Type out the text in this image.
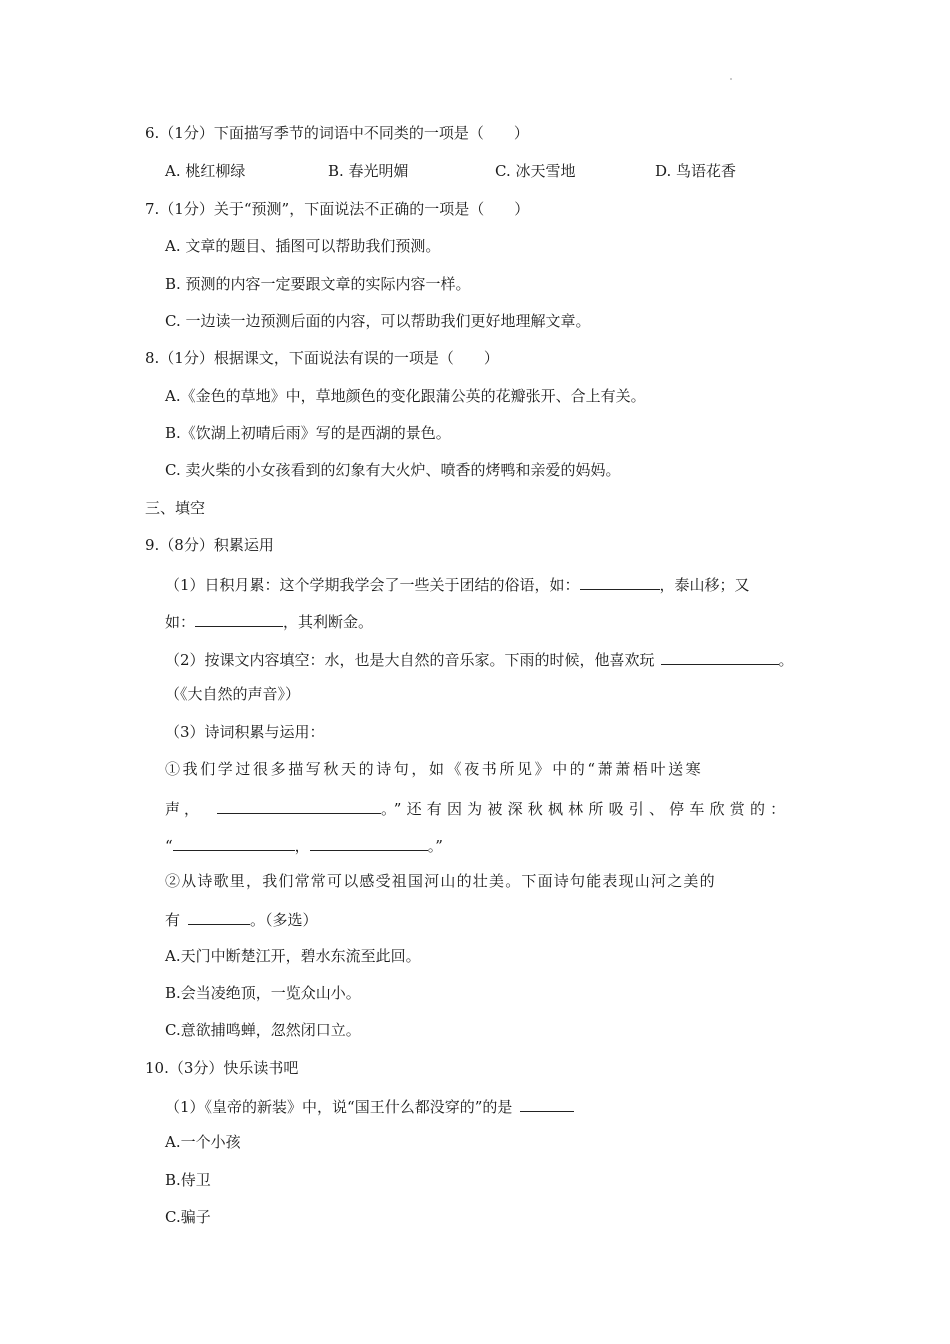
6.（1分）下面描写季节的词语中不同类的一项是（　　）
A. 桃红柳绿	B. 春光明媚	C. 冰天雪地	D. 鸟语花香
7.（1分）关于“预测”，下面说法不正确的一项是（　　）
A. 文章的题目、插图可以帮助我们预测。
B. 预测的内容一定要跟文章的实际内容一样。
C. 一边读一边预测后面的内容，可以帮助我们更好地理解文章。
8.（1分）根据课文，下面说法有误的一项是（　　）
A.《金色的草地》中，草地颜色的变化跟蒲公英的花瓣张开、合上有关。
B.《饮湖上初晴后雨》写的是西湖的景色。
C. 卖火柴的小女孩看到的幻象有大火炉、喷香的烤鸭和亲爱的妈妈。
三、填空
9.（8分）积累运用
（1）日积月累：这个学期我学会了一些关于团结的俗语，如：	，泰山移；又
如：	，其利断金。
（2）按课文内容填空：水，也是大自然的音乐家。下雨的时候，他喜欢玩	。
（《大自然的声音》）
（3）诗词积累与运用：
①我们学过很多描写秋天的诗句，如《夜书所见》中的“萧萧梧叶送寒
声，	。”还有因为被深秋枫林所吸引、停车欣赏的：
“	，	。”
②从诗歌里，我们常常可以感受祖国河山的壮美。下面诗句能表现山河之美的
有	。（多选）
A.天门中断楚江开，碧水东流至此回。
B.会当凌绝顶，一览众山小。
C.意欲捕鸣蝉，忽然闭口立。
10.（3分）快乐读书吧
（1）《皇帝的新装》中，说“国王什么都没穿的”的是
A.一个小孩
B.侍卫
C.骗子
